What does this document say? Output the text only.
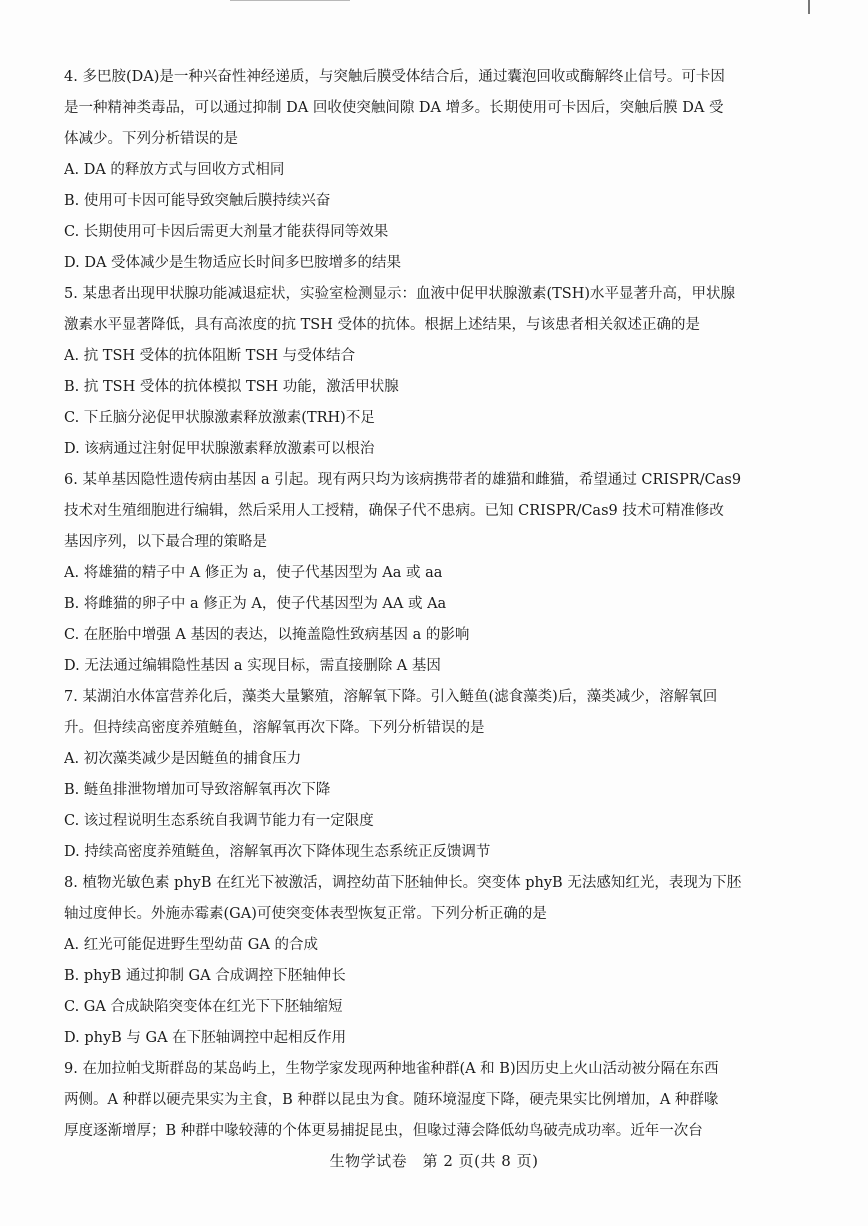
4. 多巴胺(DA)是一种兴奋性神经递质，与突触后膜受体结合后，通过囊泡回收或酶解终止信号。可卡因
是一种精神类毒品，可以通过抑制 DA 回收使突触间隙 DA 增多。长期使用可卡因后，突触后膜 DA 受
体减少。下列分析错误的是
A. DA 的释放方式与回收方式相同
B. 使用可卡因可能导致突触后膜持续兴奋
C. 长期使用可卡因后需更大剂量才能获得同等效果
D. DA 受体减少是生物适应长时间多巴胺增多的结果
5. 某患者出现甲状腺功能减退症状，实验室检测显示：血液中促甲状腺激素(TSH)水平显著升高，甲状腺
激素水平显著降低，具有高浓度的抗 TSH 受体的抗体。根据上述结果，与该患者相关叙述正确的是
A. 抗 TSH 受体的抗体阻断 TSH 与受体结合
B. 抗 TSH 受体的抗体模拟 TSH 功能，激活甲状腺
C. 下丘脑分泌促甲状腺激素释放激素(TRH)不足
D. 该病通过注射促甲状腺激素释放激素可以根治
6. 某单基因隐性遗传病由基因 a 引起。现有两只均为该病携带者的雄猫和雌猫，希望通过 CRISPR/Cas9
技术对生殖细胞进行编辑，然后采用人工授精，确保子代不患病。已知 CRISPR/Cas9 技术可精准修改
基因序列，以下最合理的策略是
A. 将雄猫的精子中 A 修正为 a，使子代基因型为 Aa 或 aa
B. 将雌猫的卵子中 a 修正为 A，使子代基因型为 AA 或 Aa
C. 在胚胎中增强 A 基因的表达，以掩盖隐性致病基因 a 的影响
D. 无法通过编辑隐性基因 a 实现目标，需直接删除 A 基因
7. 某湖泊水体富营养化后，藻类大量繁殖，溶解氧下降。引入鲢鱼(滤食藻类)后，藻类减少，溶解氧回
升。但持续高密度养殖鲢鱼，溶解氧再次下降。下列分析错误的是
A. 初次藻类减少是因鲢鱼的捕食压力
B. 鲢鱼排泄物增加可导致溶解氧再次下降
C. 该过程说明生态系统自我调节能力有一定限度
D. 持续高密度养殖鲢鱼，溶解氧再次下降体现生态系统正反馈调节
8. 植物光敏色素 phyB 在红光下被激活，调控幼苗下胚轴伸长。突变体 phyB 无法感知红光，表现为下胚
轴过度伸长。外施赤霉素(GA)可使突变体表型恢复正常。下列分析正确的是
A. 红光可能促进野生型幼苗 GA 的合成
B. phyB 通过抑制 GA 合成调控下胚轴伸长
C. GA 合成缺陷突变体在红光下下胚轴缩短
D. phyB 与 GA 在下胚轴调控中起相反作用
9. 在加拉帕戈斯群岛的某岛屿上，生物学家发现两种地雀种群(A 和 B)因历史上火山活动被分隔在东西
两侧。A 种群以硬壳果实为主食，B 种群以昆虫为食。随环境湿度下降，硬壳果实比例增加，A 种群喙
厚度逐渐增厚；B 种群中喙较薄的个体更易捕捉昆虫，但喙过薄会降低幼鸟破壳成功率。近年一次台
生物学试卷　第 2 页(共 8 页)
